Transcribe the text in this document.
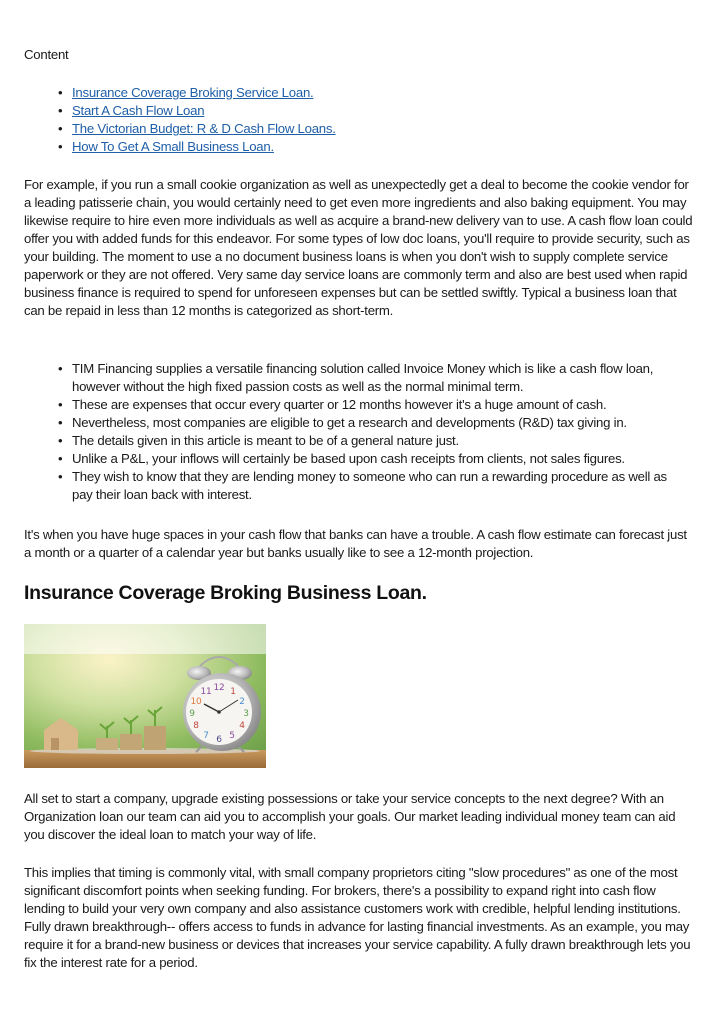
Content
• Insurance Coverage Broking Service Loan.
• Start A Cash Flow Loan
• The Victorian Budget: R & D Cash Flow Loans.
• How To Get A Small Business Loan.

For example, if you run a small cookie organization as well as unexpectedly get a deal to become the cookie vendor for a leading patisserie chain, you would certainly need to get even more ingredients and also baking equipment. You may likewise require to hire even more individuals as well as acquire a brand-new delivery van to use. A cash flow loan could offer you with added funds for this endeavor. For some types of low doc loans, you'll require to provide security, such as your building. The moment to use a no document business loans is when you don't wish to supply complete service paperwork or they are not offered. Very same day service loans are commonly term and also are best used when rapid business finance is required to spend for unforeseen expenses but can be settled swiftly. Typical a business loan that can be repaid in less than 12 months is categorized as short-term.

• TIM Financing supplies a versatile financing solution called Invoice Money which is like a cash flow loan, however without the high fixed passion costs as well as the normal minimal term.
• These are expenses that occur every quarter or 12 months however it's a huge amount of cash.
• Nevertheless, most companies are eligible to get a research and developments (R&D) tax giving in.
• The details given in this article is meant to be of a general nature just.
• Unlike a P&L, your inflows will certainly be based upon cash receipts from clients, not sales figures.
• They wish to know that they are lending money to someone who can run a rewarding procedure as well as pay their loan back with interest.

It's when you have huge spaces in your cash flow that banks can have a trouble. A cash flow estimate can forecast just a month or a quarter of a calendar year but banks usually like to see a 12-month projection.

Insurance Coverage Broking Business Loan.
12 1
2
3
4
5
6
7
8
9
10
11

All set to start a company, upgrade existing possessions or take your service concepts to the next degree? With an Organization loan our team can aid you to accomplish your goals. Our market leading individual money team can aid you discover the ideal loan to match your way of life.

This implies that timing is commonly vital, with small company proprietors citing "slow procedures" as one of the most significant discomfort points when seeking funding. For brokers, there's a possibility to expand right into cash flow lending to build your very own company and also assistance customers work with credible, helpful lending institutions. Fully drawn breakthrough-- offers access to funds in advance for lasting financial investments. As an example, you may require it for a brand-new business or devices that increases your service capability. A fully drawn breakthrough lets you fix the interest rate for a period.
